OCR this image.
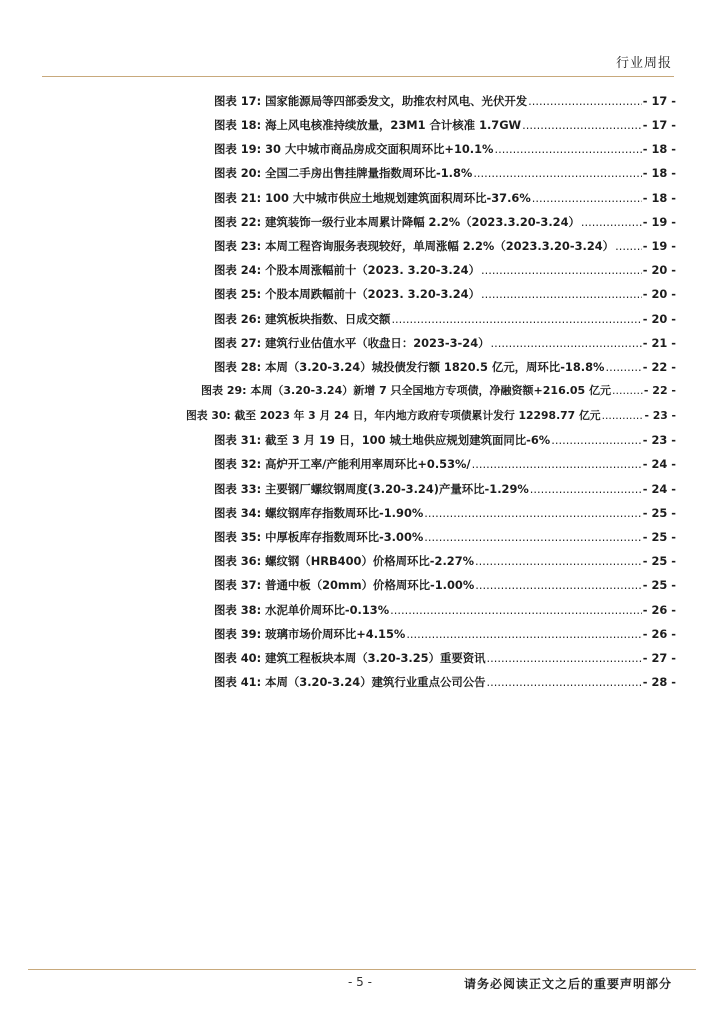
行业周报
图表 17: 国家能源局等四部委发文，助推农村风电、光伏开发 .....	- 17 -
图表 18: 海上风电核准持续放量，23M1 合计核准 1.7GW .....	- 17 -
图表 19: 30 大中城市商品房成交面积周环比+10.1% .....	- 18 -
图表 20: 全国二手房出售挂牌量指数周环比-1.8% .....	- 18 -
图表 21: 100 大中城市供应土地规划建筑面积周环比-37.6% .....	- 18 -
图表 22: 建筑装饰一级行业本周累计降幅 2.2%（2023.3.20-3.24） .....	- 19 -
图表 23: 本周工程咨询服务表现较好，单周涨幅 2.2%（2023.3.20-3.24） .....	- 19 -
图表 24: 个股本周涨幅前十（2023. 3.20-3.24） .....	- 20 -
图表 25: 个股本周跌幅前十（2023. 3.20-3.24） .....	- 20 -
图表 26: 建筑板块指数、日成交额 .....	- 20 -
图表 27: 建筑行业估值水平（收盘日：2023-3-24） .....	- 21 -
图表 28: 本周（3.20-3.24）城投债发行额 1820.5 亿元，周环比-18.8% .....	- 22 -
图表 29: 本周（3.20-3.24）新增 7 只全国地方专项债，净融资额+216.05 亿元 .....	- 22 -
图表 30: 截至 2023 年 3 月 24 日，年内地方政府专项债累计发行 12298.77 亿元 .....	- 23 -
图表 31: 截至 3 月 19 日，100 城土地供应规划建筑面同比-6% .....	- 23 -
图表 32: 高炉开工率/产能利用率周环比+0.53%/ .....	- 24 -
图表 33: 主要钢厂螺纹钢周度(3.20-3.24)产量环比-1.29% .....	- 24 -
图表 34: 螺纹钢库存指数周环比-1.90% .....	- 25 -
图表 35: 中厚板库存指数周环比-3.00% .....	- 25 -
图表 36: 螺纹钢（HRB400）价格周环比-2.27% .....	- 25 -
图表 37: 普通中板（20mm）价格周环比-1.00% .....	- 25 -
图表 38: 水泥单价周环比-0.13% .....	- 26 -
图表 39: 玻璃市场价周环比+4.15% .....	- 26 -
图表 40: 建筑工程板块本周（3.20-3.25）重要资讯 .....	- 27 -
图表 41: 本周（3.20-3.24）建筑行业重点公司公告 .....	- 28 -
- 5 -	请务必阅读正文之后的重要声明部分
